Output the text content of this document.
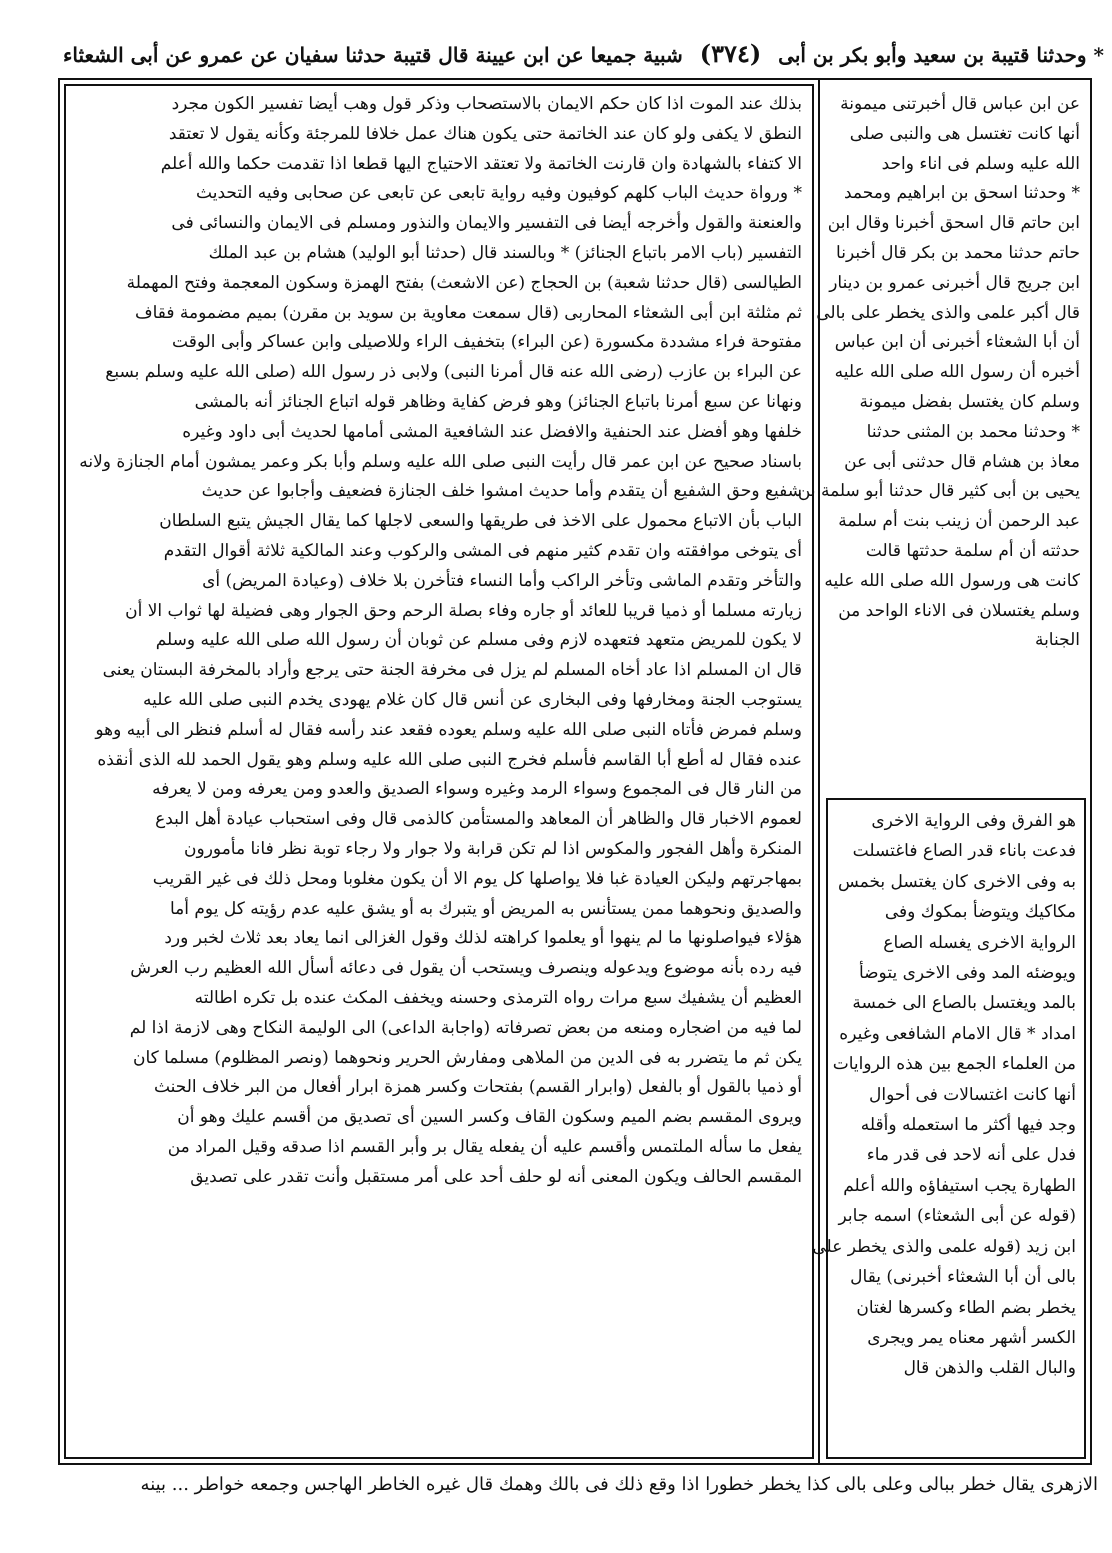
* وحدثنا قتيبة بن سعيد وأبو بكر بن أبى (٣٧٤) شبية جميعا عن ابن عيينة قال قتيبة حدثنا سفيان عن عمرو عن أبى الشعثاء

عن ابن عباس قال أخبرتنى ميمونة

أنها كانت تغتسل هى والنبى صلى

الله عليه وسلم فى اناء واحد

* وحدثنا اسحق بن ابراهيم ومحمد

ابن حاتم قال اسحق أخبرنا وقال ابن

حاتم حدثنا محمد بن بكر قال أخبرنا

ابن جريج قال أخبرنى عمرو بن دينار

قال أكبر علمى والذى يخطر على بالى

أن أبا الشعثاء أخبرنى أن ابن عباس

أخبره أن رسول الله صلى الله عليه

وسلم كان يغتسل بفضل ميمونة

* وحدثنا محمد بن المثنى حدثنا

معاذ بن هشام قال حدثنى أبى عن

يحيى بن أبى كثير قال حدثنا أبو سلمة بن

عبد الرحمن أن زينب بنت أم سلمة

حدثته أن أم سلمة حدثتها قالت

كانت هى ورسول الله صلى الله عليه

وسلم يغتسلان فى الاناء الواحد من

الجنابة

هو الفرق وفى الرواية الاخرى

فدعت باناء قدر الصاع فاغتسلت

به وفى الاخرى كان يغتسل بخمس

مكاكيك ويتوضأ بمكوك وفى

الرواية الاخرى يغسله الصاع

ويوضئه المد وفى الاخرى يتوضأ

بالمد ويغتسل بالصاع الى خمسة

امداد * قال الامام الشافعى وغيره

من العلماء الجمع بين هذه الروايات

أنها كانت اغتسالات فى أحوال

وجد فيها أكثر ما استعمله وأقله

فدل على أنه لاحد فى قدر ماء

الطهارة يجب استيفاؤه والله أعلم

(قوله عن أبى الشعثاء) اسمه جابر

ابن زيد (قوله علمى والذى يخطر على

بالى أن أبا الشعثاء أخبرنى) يقال

يخطر بضم الطاء وكسرها لغتان

الكسر أشهر معناه يمر ويجرى

والبال القلب والذهن قال

بذلك عند الموت اذا كان حكم الايمان بالاستصحاب وذكر قول وهب أيضا تفسير الكون مجرد

النطق لا يكفى ولو كان عند الخاتمة حتى يكون هناك عمل خلافا للمرجئة وكأنه يقول لا تعتقد

الا كتفاء بالشهادة وان قارنت الخاتمة ولا تعتقد الاحتياج اليها قطعا اذا تقدمت حكما والله أعلم

* ورواة حديث الباب كلهم كوفيون وفيه رواية تابعى عن تابعى عن صحابى وفيه التحديث

والعنعنة والقول وأخرجه أيضا فى التفسير والايمان والنذور ومسلم فى الايمان والنسائى فى

التفسير (باب الامر باتباع الجنائز) * وبالسند قال (حدثنا أبو الوليد) هشام بن عبد الملك

الطيالسى (قال حدثنا شعبة) بن الحجاج (عن الاشعث) بفتح الهمزة وسكون المعجمة وفتح المهملة

ثم مثلثة ابن أبى الشعثاء المحاربى (قال سمعت معاوية بن سويد بن مقرن) بميم مضمومة فقاف

مفتوحة فراء مشددة مكسورة (عن البراء) بتخفيف الراء وللاصيلى وابن عساكر وأبى الوقت

عن البراء بن عازب (رضى الله عنه قال أمرنا النبى) ولابى ذر رسول الله (صلى الله عليه وسلم بسبع

ونهانا عن سبع أمرنا باتباع الجنائز) وهو فرض كفاية وظاهر قوله اتباع الجنائز أنه بالمشى

خلفها وهو أفضل عند الحنفية والافضل عند الشافعية المشى أمامها لحديث أبى داود وغيره

باسناد صحيح عن ابن عمر قال رأيت النبى صلى الله عليه وسلم وأبا بكر وعمر يمشون أمام الجنازة ولانه

شفيع وحق الشفيع أن يتقدم وأما حديث امشوا خلف الجنازة فضعيف وأجابوا عن حديث

الباب بأن الاتباع محمول على الاخذ فى طريقها والسعى لاجلها كما يقال الجيش يتبع السلطان

أى يتوخى موافقته وان تقدم كثير منهم فى المشى والركوب وعند المالكية ثلاثة أقوال التقدم

والتأخر وتقدم الماشى وتأخر الراكب وأما النساء فتأخرن بلا خلاف (وعيادة المريض) أى

زيارته مسلما أو ذميا قريبا للعائد أو جاره وفاء بصلة الرحم وحق الجوار وهى فضيلة لها ثواب الا أن

لا يكون للمريض متعهد فتعهده لازم وفى مسلم عن ثوبان أن رسول الله صلى الله عليه وسلم

قال ان المسلم اذا عاد أخاه المسلم لم يزل فى مخرفة الجنة حتى يرجع وأراد بالمخرفة البستان يعنى

يستوجب الجنة ومخارفها وفى البخارى عن أنس قال كان غلام يهودى يخدم النبى صلى الله عليه

وسلم فمرض فأتاه النبى صلى الله عليه وسلم يعوده فقعد عند رأسه فقال له أسلم فنظر الى أبيه وهو

عنده فقال له أطع أبا القاسم فأسلم فخرج النبى صلى الله عليه وسلم وهو يقول الحمد لله الذى أنقذه

من النار قال فى المجموع وسواء الرمد وغيره وسواء الصديق والعدو ومن يعرفه ومن لا يعرفه

لعموم الاخبار قال والظاهر أن المعاهد والمستأمن كالذمى قال وفى استحباب عيادة أهل البدع

المنكرة وأهل الفجور والمكوس اذا لم تكن قرابة ولا جوار ولا رجاء توبة نظر فانا مأمورون

بمهاجرتهم وليكن العيادة غبا فلا يواصلها كل يوم الا أن يكون مغلوبا ومحل ذلك فى غير القريب

والصديق ونحوهما ممن يستأنس به المريض أو يتبرك به أو يشق عليه عدم رؤيته كل يوم أما

هؤلاء فيواصلونها ما لم ينهوا أو يعلموا كراهته لذلك وقول الغزالى انما يعاد بعد ثلاث لخبر ورد

فيه رده بأنه موضوع ويدعوله وينصرف ويستحب أن يقول فى دعائه أسأل الله العظيم رب العرش

العظيم أن يشفيك سبع مرات رواه الترمذى وحسنه ويخفف المكث عنده بل تكره اطالته

لما فيه من اضجاره ومنعه من بعض تصرفاته (واجابة الداعى) الى الوليمة النكاح وهى لازمة اذا لم

يكن ثم ما يتضرر به فى الدين من الملاهى ومفارش الحرير ونحوهما (ونصر المظلوم) مسلما كان

أو ذميا بالقول أو بالفعل (وابرار القسم) بفتحات وكسر همزة ابرار أفعال من البر خلاف الحنث

ويروى المقسم بضم الميم وسكون القاف وكسر السين أى تصديق من أقسم عليك وهو أن

يفعل ما سأله الملتمس وأقسم عليه أن يفعله يقال بر وأبر القسم اذا صدقه وقيل المراد من

المقسم الحالف ويكون المعنى أنه لو حلف أحد على أمر مستقبل وأنت تقدر على تصديق

الازهرى يقال خطر ببالى وعلى بالى كذا يخطر خطورا اذا وقع ذلك فى بالك وهمك قال غيره الخاطر الهاجس وجمعه خواطر ... بينه
